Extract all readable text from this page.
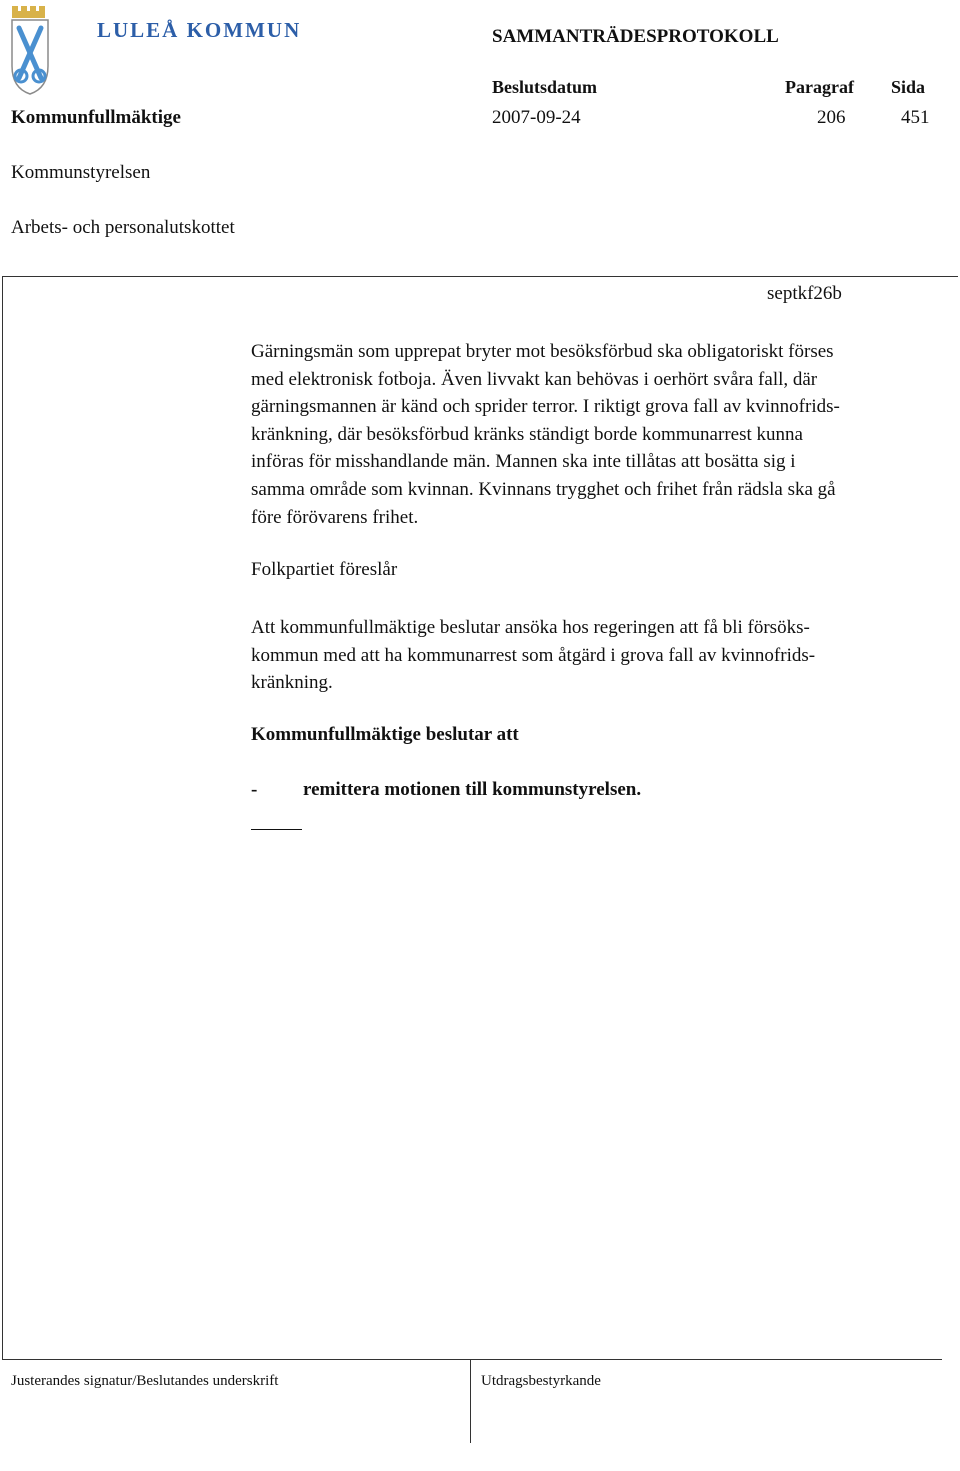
LULEÅ KOMMUN	SAMMANTRÄDESPROTOKOLL
Beslutsdatum	Paragraf Sida
Kommunfullmäktige	2007-09-24	206	451
Kommunstyrelsen
Arbets- och personalutskottet
septkf26b
Gärningsmän som upprepat bryter mot besöksförbud ska obligatoriskt förses
med elektronisk fotboja. Även livvakt kan behövas i oerhört svåra fall, där
gärningsmannen är känd och sprider terror. I riktigt grova fall av kvinnofrids-
kränkning, där besöksförbud kränks ständigt borde kommunarrest kunna
införas för misshandlande män. Mannen ska inte tillåtas att bosätta sig i
samma område som kvinnan. Kvinnans trygghet och frihet från rädsla ska gå
före förövarens frihet.
Folkpartiet föreslår
Att kommunfullmäktige beslutar ansöka hos regeringen att få bli försöks-
kommun med att ha kommunarrest som åtgärd i grova fall av kvinnofrids-
kränkning.
Kommunfullmäktige beslutar att
- remittera motionen till kommunstyrelsen.
Justerandes signatur/Beslutandes underskrift	Utdragsbestyrkande
